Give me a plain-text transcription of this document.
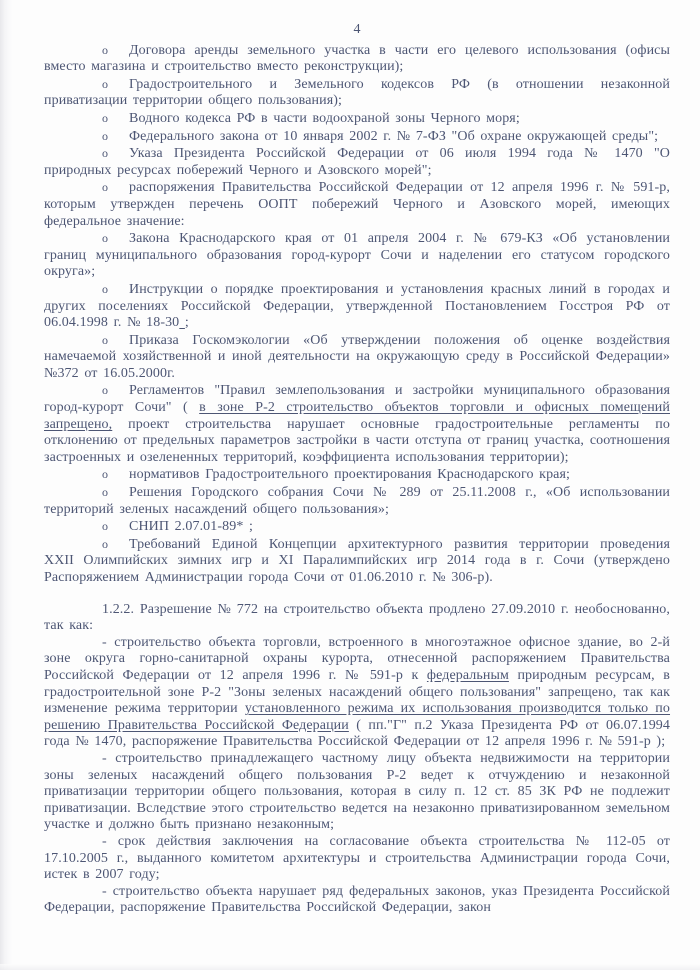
4

o Договора аренды земельного участка в части его целевого использования (офисы вместо магазина и строительство вместо реконструкции);

o Градостроительного и Земельного кодексов РФ (в отношении незаконной приватизации территории общего пользования);

o Водного кодекса РФ в части водоохраной зоны Черного моря;

o Федерального закона от 10 января 2002 г. № 7-ФЗ "Об охране окружающей среды";

o Указа Президента Российской Федерации от 06 июля 1994 года № 1470 "О природных ресурсах побережий Черного и Азовского морей";

o распоряжения Правительства Российской Федерации от 12 апреля 1996 г. № 591-р, которым утвержден перечень ООПТ побережий Черного и Азовского морей, имеющих федеральное значение:

o Закона Краснодарского края от 01 апреля 2004 г. № 679-КЗ «Об установлении границ муниципального образования город-курорт Сочи и наделении его статусом городского округа»;

o Инструкции о порядке проектирования и установления красных линий в городах и других поселениях Российской Федерации, утвержденной Постановлением Госстроя РФ от 06.04.1998 г. № 18-30 ;

o Приказа Госкомэкологии «Об утверждении положения об оценке воздействия намечаемой хозяйственной и иной деятельности на окружающую среду в Российской Федерации» №372 от 16.05.2000г.

o Регламентов "Правил землепользования и застройки муниципального образования город-курорт Сочи" ( в зоне Р-2 строительство объектов торговли и офисных помещений запрещено, проект строительства нарушает основные градостроительные регламенты по отклонению от предельных параметров застройки в части отступа от границ участка, соотношения застроенных и озелененных территорий, коэффициента использования территории);

o нормативов Градостроительного проектирования Краснодарского края;

o Решения Городского собрания Сочи № 289 от 25.11.2008 г., «Об использовании территорий зеленых насаждений общего пользования»;

o СНИП 2.07.01-89* ;

o Требований Единой Концепции архитектурного развития территории проведения XXII Олимпийских зимних игр и XI Паралимпийских игр 2014 года в г. Сочи (утверждено Распоряжением Администрации города Сочи от 01.06.2010 г. № 306-р).

1.2.2. Разрешение № 772 на строительство объекта продлено 27.09.2010 г. необоснованно, так как:

- строительство объекта торговли, встроенного в многоэтажное офисное здание, во 2-й зоне округа горно-санитарной охраны курорта, отнесенной распоряжением Правительства Российской Федерации от 12 апреля 1996 г. № 591-р к федеральным природным ресурсам, в градостроительной зоне Р-2 "Зоны зеленых насаждений общего пользования" запрещено, так как изменение режима территории установленного режима их использования производится только по решению Правительства Российской Федерации ( пп."Г" п.2 Указа Президента РФ от 06.07.1994 года № 1470, распоряжение Правительства Российской Федерации от 12 апреля 1996 г. № 591-р );

- строительство принадлежащего частному лицу объекта недвижимости на территории зоны зеленых насаждений общего пользования Р-2 ведет к отчуждению и незаконной приватизации территории общего пользования, которая в силу п. 12 ст. 85 ЗК РФ не подлежит приватизации. Вследствие этого строительство ведется на незаконно приватизированном земельном участке и должно быть признано незаконным;

- срок действия заключения на согласование объекта строительства № 112-05 от 17.10.2005 г., выданного комитетом архитектуры и строительства Администрации города Сочи, истек в 2007 году;

- строительство объекта нарушает ряд федеральных законов, указ Президента Российской Федерации, распоряжение Правительства Российской Федерации, закон
